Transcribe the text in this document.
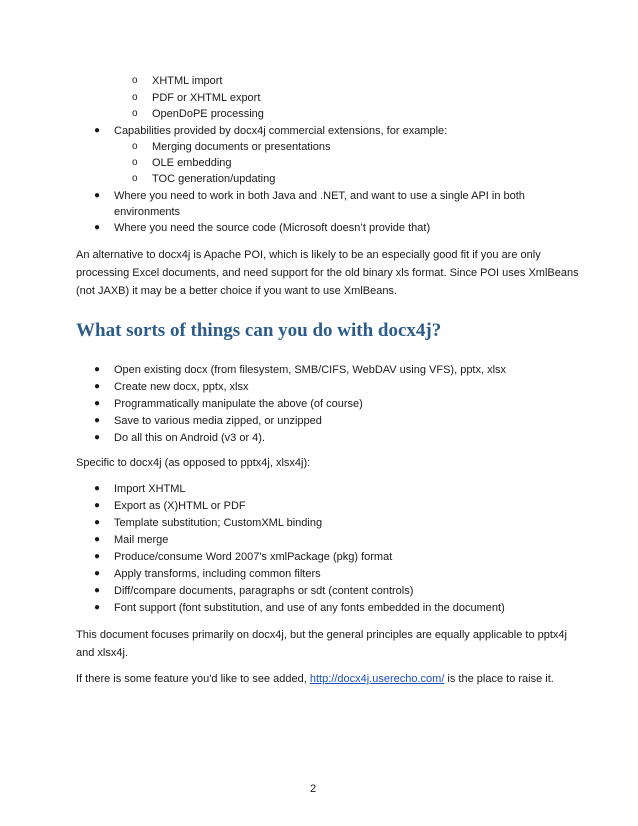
o XHTML import
o PDF or XHTML export
o OpenDoPE processing
● Capabilities provided by docx4j commercial extensions, for example:
o Merging documents or presentations
o OLE embedding
o TOC generation/updating
● Where you need to work in both Java and .NET, and want to use a single API in both
environments
● Where you need the source code (Microsoft doesn’t provide that)
An alternative to docx4j is Apache POI, which is likely to be an especially good fit if you are only
processing Excel documents, and need support for the old binary xls format. Since POI uses XmlBeans
(not JAXB) it may be a better choice if you want to use XmlBeans.
What sorts of things can you do with docx4j?
● Open existing docx (from filesystem, SMB/CIFS, WebDAV using VFS), pptx, xlsx
● Create new docx, pptx, xlsx
● Programmatically manipulate the above (of course)
● Save to various media zipped, or unzipped
● Do all this on Android (v3 or 4).
Specific to docx4j (as opposed to pptx4j, xlsx4j):
● Import XHTML
● Export as (X)HTML or PDF
● Template substitution; CustomXML binding
● Mail merge
● Produce/consume Word 2007's xmlPackage (pkg) format
● Apply transforms, including common filters
● Diff/compare documents, paragraphs or sdt (content controls)
● Font support (font substitution, and use of any fonts embedded in the document)
This document focuses primarily on docx4j, but the general principles are equally applicable to pptx4j
and xlsx4j.
If there is some feature you'd like to see added, http://docx4j.userecho.com/ is the place to raise it.
2
